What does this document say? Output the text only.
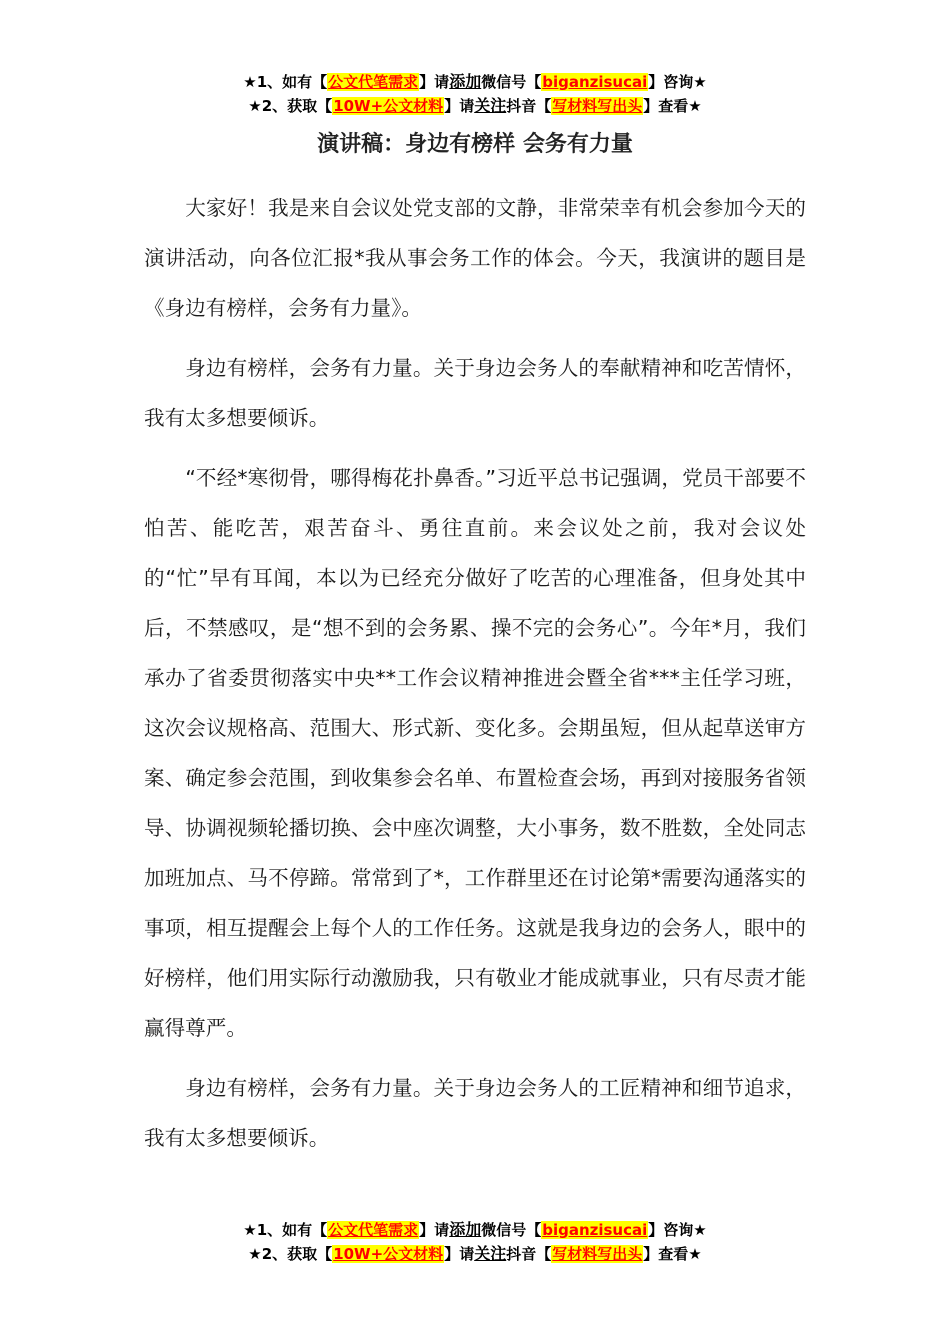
★1、如有【公文代笔需求】请添加微信号【biganzisucai】咨询★
★2、获取【10W+公文材料】请关注抖音【写材料写出头】查看★
演讲稿：身边有榜样 会务有力量

大家好！我是来自会议处党支部的文静，非常荣幸有机会参加今天的演讲活动，向各位汇报*我从事会务工作的体会。今天，我演讲的题目是《身边有榜样，会务有力量》。

身边有榜样，会务有力量。关于身边会务人的奉献精神和吃苦情怀，我有太多想要倾诉。

“不经*寒彻骨，哪得梅花扑鼻香。”习近平总书记强调，党员干部要不怕苦、能吃苦，艰苦奋斗、勇往直前。来会议处之前，我对会议处的“忙”早有耳闻，本以为已经充分做好了吃苦的心理准备，但身处其中后，不禁感叹，是“想不到的会务累、操不完的会务心”。今年*月，我们承办了省委贯彻落实中央**工作会议精神推进会暨全省***主任学习班，这次会议规格高、范围大、形式新、变化多。会期虽短，但从起草送审方案、确定参会范围，到收集参会名单、布置检查会场，再到对接服务省领导、协调视频轮播切换、会中座次调整，大小事务，数不胜数，全处同志加班加点、马不停蹄。常常到了*，工作群里还在讨论第*需要沟通落实的事项，相互提醒会上每个人的工作任务。这就是我身边的会务人，眼中的好榜样，他们用实际行动激励我，只有敬业才能成就事业，只有尽责才能赢得尊严。

身边有榜样，会务有力量。关于身边会务人的工匠精神和细节追求，我有太多想要倾诉。

★1、如有【公文代笔需求】请添加微信号【biganzisucai】咨询★
★2、获取【10W+公文材料】请关注抖音【写材料写出头】查看★
